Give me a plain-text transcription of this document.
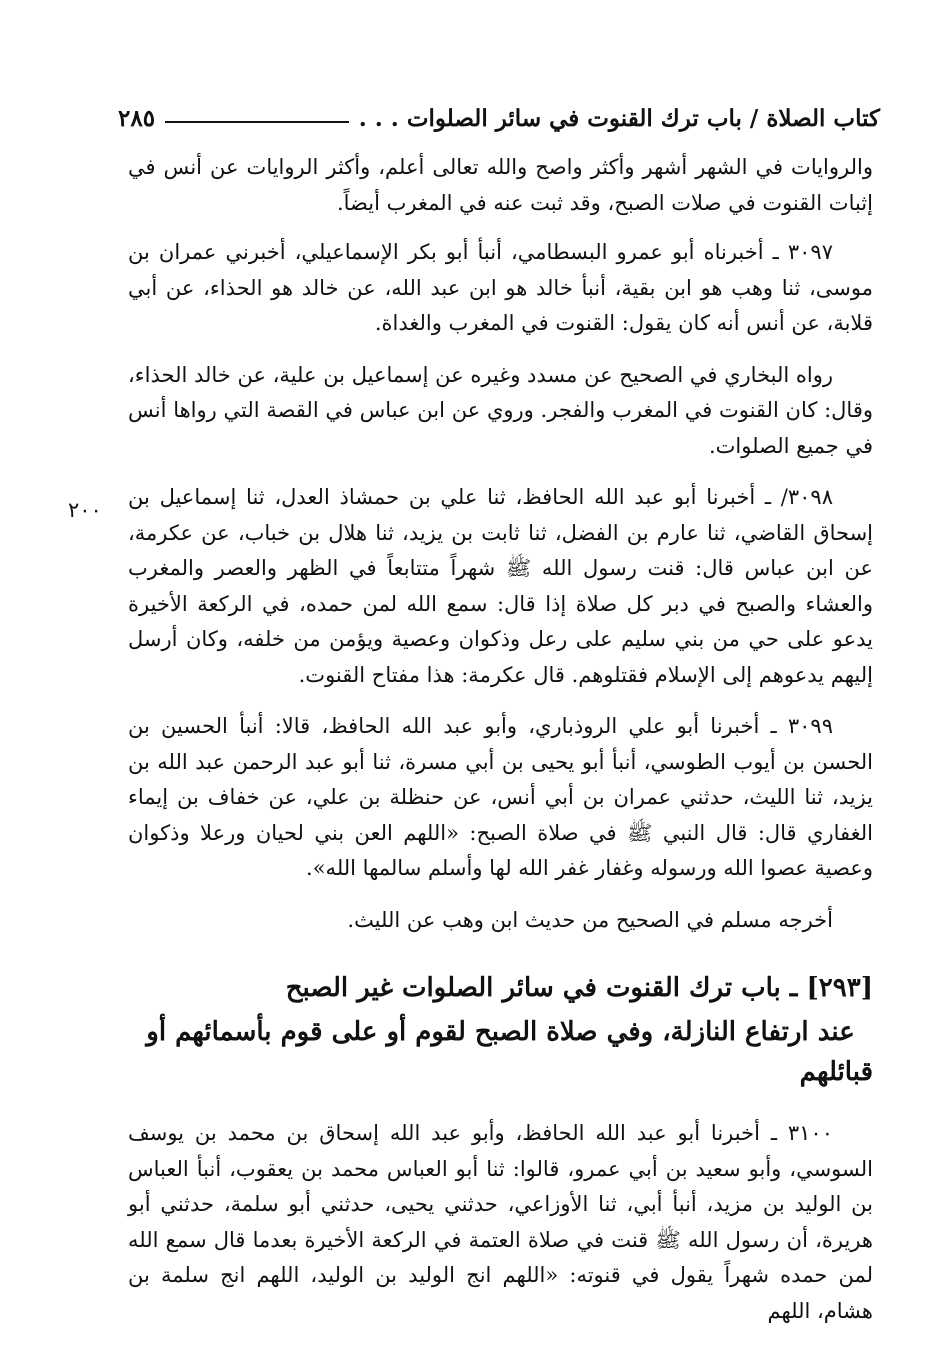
كتاب الصلاة / باب ترك القنوت في سائر الصلوات . . .
٢٨٥
٢٠٠

والروايات في الشهر أشهر وأكثر واصح والله تعالى أعلم، وأكثر الروايات عن أنس في إثبات القنوت في صلات الصبح، وقد ثبت عنه في المغرب أيضاً.

٣٠٩٧ ـ أخبرناه أبو عمرو البسطامي، أنبأ أبو بكر الإسماعيلي، أخبرني عمران بن موسى، ثنا وهب هو ابن بقية، أنبأ خالد هو ابن عبد الله، عن خالد هو الحذاء، عن أبي قلابة، عن أنس أنه كان يقول: القنوت في المغرب والغداة.

رواه البخاري في الصحيح عن مسدد وغيره عن إسماعيل بن علية، عن خالد الحذاء، وقال: كان القنوت في المغرب والفجر. وروي عن ابن عباس في القصة التي رواها أنس في جميع الصلوات.

٣٠٩٨/ ـ أخبرنا أبو عبد الله الحافظ، ثنا علي بن حمشاذ العدل، ثنا إسماعيل بن إسحاق القاضي، ثنا عارم بن الفضل، ثنا ثابت بن يزيد، ثنا هلال بن خباب، عن عكرمة، عن ابن عباس قال: قنت رسول الله ﷺ شهراً متتابعاً في الظهر والعصر والمغرب والعشاء والصبح في دبر كل صلاة إذا قال: سمع الله لمن حمده، في الركعة الأخيرة يدعو على حي من بني سليم على رعل وذكوان وعصية ويؤمن من خلفه، وكان أرسل إليهم يدعوهم إلى الإسلام فقتلوهم. قال عكرمة: هذا مفتاح القنوت.

٣٠٩٩ ـ أخبرنا أبو علي الروذباري، وأبو عبد الله الحافظ، قالا: أنبأ الحسين بن الحسن بن أيوب الطوسي، أنبأ أبو يحيى بن أبي مسرة، ثنا أبو عبد الرحمن عبد الله بن يزيد، ثنا الليث، حدثني عمران بن أبي أنس، عن حنظلة بن علي، عن خفاف بن إيماء الغفاري قال: قال النبي ﷺ في صلاة الصبح: «اللهم العن بني لحيان ورعلا وذكوان وعصية عصوا الله ورسوله وغفار غفر الله لها وأسلم سالمها الله».

أخرجه مسلم في الصحيح من حديث ابن وهب عن الليث.

[٢٩٣] ـ باب ترك القنوت في سائر الصلوات غير الصبح
عند ارتفاع النازلة، وفي صلاة الصبح لقوم أو على قوم بأسمائهم أو قبائلهم

٣١٠٠ ـ أخبرنا أبو عبد الله الحافظ، وأبو عبد الله إسحاق بن محمد بن يوسف السوسي، وأبو سعيد بن أبي عمرو، قالوا: ثنا أبو العباس محمد بن يعقوب، أنبأ العباس بن الوليد بن مزيد، أنبأ أبي، ثنا الأوزاعي، حدثني يحيى، حدثني أبو سلمة، حدثني أبو هريرة، أن رسول الله ﷺ قنت في صلاة العتمة في الركعة الأخيرة بعدما قال سمع الله لمن حمده شهراً يقول في قنوته: «اللهم انج الوليد بن الوليد، اللهم انج سلمة بن هشام، اللهم
